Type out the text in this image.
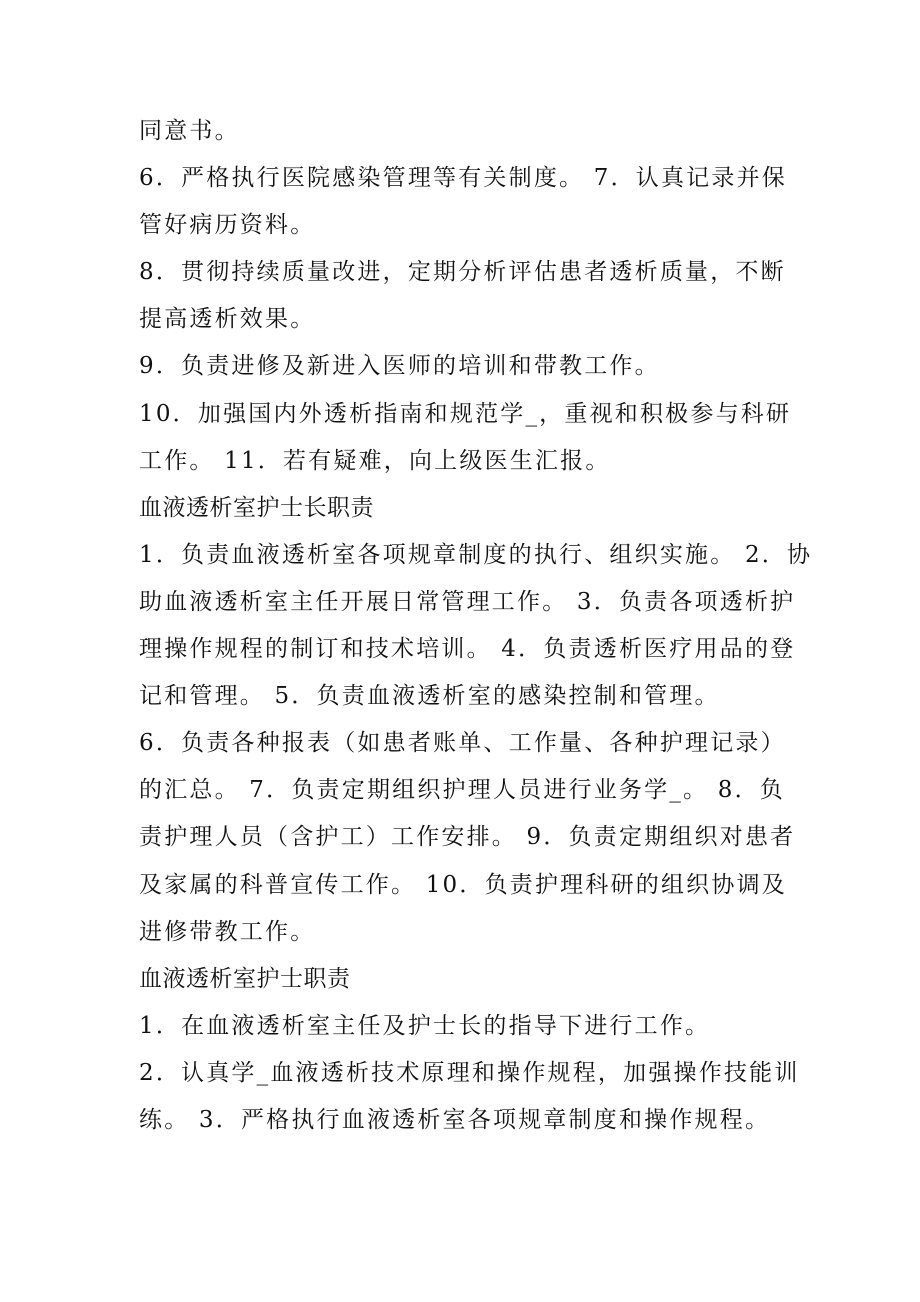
同意书。

6．严格执行医院感染管理等有关制度。 7．认真记录并保

管好病历资料。

8．贯彻持续质量改进，定期分析评估患者透析质量，不断

提高透析效果。

9．负责进修及新进入医师的培训和带教工作。

10．加强国内外透析指南和规范学_，重视和积极参与科研

工作。 11．若有疑难，向上级医生汇报。

血液透析室护士长职责

1．负责血液透析室各项规章制度的执行、组织实施。 2．协

助血液透析室主任开展日常管理工作。 3．负责各项透析护

理操作规程的制订和技术培训。 4．负责透析医疗用品的登

记和管理。 5．负责血液透析室的感染控制和管理。

6．负责各种报表（如患者账单、工作量、各种护理记录）

的汇总。 7．负责定期组织护理人员进行业务学_。 8．负

责护理人员（含护工）工作安排。 9．负责定期组织对患者

及家属的科普宣传工作。 10．负责护理科研的组织协调及

进修带教工作。

血液透析室护士职责

1．在血液透析室主任及护士长的指导下进行工作。

2．认真学_血液透析技术原理和操作规程，加强操作技能训

练。 3．严格执行血液透析室各项规章制度和操作规程。
